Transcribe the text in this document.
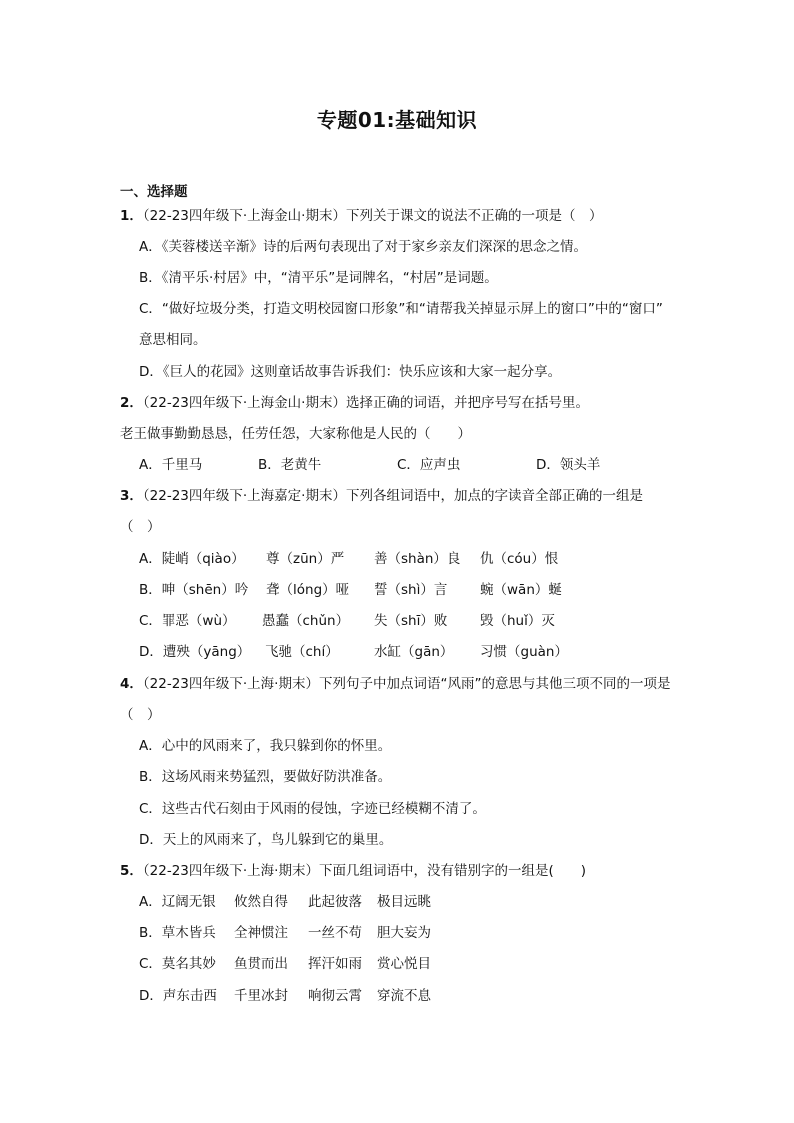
专题01:基础知识
一、选择题
1．（22-23四年级下·上海金山·期末）下列关于课文的说法不正确的一项是（　）
A．《芙蓉楼送辛渐》诗的后两句表现出了对于家乡亲友们深深的思念之情。
B．《清平乐·村居》中，“清平乐”是词牌名，“村居”是词题。
C．“做好垃圾分类，打造文明校园窗口形象”和“请帮我关掉显示屏上的窗口”中的“窗口”
意思相同。
D．《巨人的花园》这则童话故事告诉我们：快乐应该和大家一起分享。
2．（22-23四年级下·上海金山·期末）选择正确的词语，并把序号写在括号里。
老王做事勤勤恳恳，任劳任怨，大家称他是人民的（　　）
A．千里马	B．老黄牛	C．应声虫	D．领头羊
3．（22-23四年级下·上海嘉定·期末）下列各组词语中，加点的字读音全部正确的一组是
（　）
A．陡峭（qiào） 尊（zūn）严 善（shàn）良 仇（cóu）恨
B．呻（shēn）吟 聋（lóng）哑 誓（shì）言 蜿（wān）蜒
C．罪恶（wù） 愚蠢（chǔn） 失（shī）败 毁（huǐ）灭
D．遭殃（yāng） 飞驰（chí）	水缸（gān） 习惯（guàn）
4．（22-23四年级下·上海·期末）下列句子中加点词语“风雨”的意思与其他三项不同的一项是
（　）
A．心中的风雨来了，我只躲到你的怀里。
B．这场风雨来势猛烈，要做好防洪准备。
C．这些古代石刻由于风雨的侵蚀，字迹已经模糊不清了。
D．天上的风雨来了，鸟儿躲到它的巢里。
5．（22-23四年级下·上海·期末）下面几组词语中，没有错别字的一组是(　　)
A．辽阔无银 攸然自得 此起彼落 极目远眺
B．草木皆兵 全神惯注 一丝不苟 胆大妄为
C．莫名其妙 鱼贯而出 挥汗如雨 赏心悦目
D．声东击西 千里冰封 响彻云霄 穿流不息
